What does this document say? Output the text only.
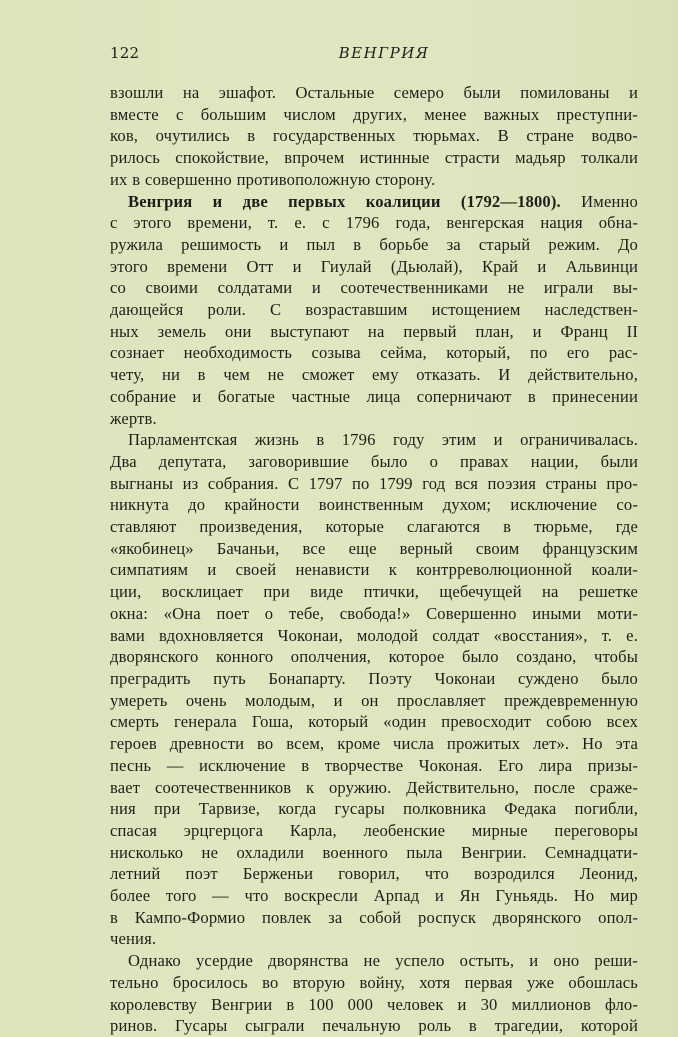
122	ВЕНГРИЯ

взошли на эшафот. Остальные семеро были помилованы и
вместе с большим числом других, менее важных преступни-
ков, очутились в государственных тюрьмах. В стране водво-
рилось спокойствие, впрочем истинные страсти мадьяр толкали
их в совершенно противоположную сторону.

Венгрия и две первых коалиции (1792—1800). Именно
с этого времени, т. е. с 1796 года, венгерская нация обна-
ружила решимость и пыл в борьбе за старый режим. До
этого времени Отт и Гиулай (Дьюлай), Край и Альвинци
со своими солдатами и соотечественниками не играли вы-
дающейся роли. С возраставшим истощением наследствен-
ных земель они выступают на первый план, и Франц II
сознает необходимость созыва сейма, который, по его рас-
чету, ни в чем не сможет ему отказать. И действительно,
собрание и богатые частные лица соперничают в принесении
жертв.

Парламентская жизнь в 1796 году этим и ограничивалась.
Два депутата, заговорившие было о правах нации, были
выгнаны из собрания. С 1797 по 1799 год вся поэзия страны про-
никнута до крайности воинственным духом; исключение со-
ставляют произведения, которые слагаются в тюрьме, где
«якобинец» Бачаньи, все еще верный своим французским
симпатиям и своей ненависти к контрреволюционной коали-
ции, восклицает при виде птички, щебечущей на решетке
окна: «Она поет о тебе, свобода!» Совершенно иными моти-
вами вдохновляется Чоконаи, молодой солдат «восстания», т. е.
дворянского конного ополчения, которое было создано, чтобы
преградить путь Бонапарту. Поэту Чоконаи суждено было
умереть очень молодым, и он прославляет преждевременную
смерть генерала Гоша, который «один превосходит собою всех
героев древности во всем, кроме числа прожитых лет». Но эта
песнь — исключение в творчестве Чоконая. Его лира призы-
вает соотечественников к оружию. Действительно, после сраже-
ния при Тарвизе, когда гусары полковника Федака погибли,
спасая эрцгерцога Карла, леобенские мирные переговоры
нисколько не охладили военного пыла Венгрии. Семнадцати-
летний поэт Берженьи говорил, что возродился Леонид,
более того — что воскресли Арпад и Ян Гуньядь. Но мир
в Кампо-Формио повлек за собой роспуск дворянского опол-
чения.

Однако усердие дворянства не успело остыть, и оно реши-
тельно бросилось во вторую войну, хотя первая уже обошлась
королевству Венгрии в 100 000 человек и 30 миллионов фло-
ринов. Гусары сыграли печальную роль в трагедии, которой
